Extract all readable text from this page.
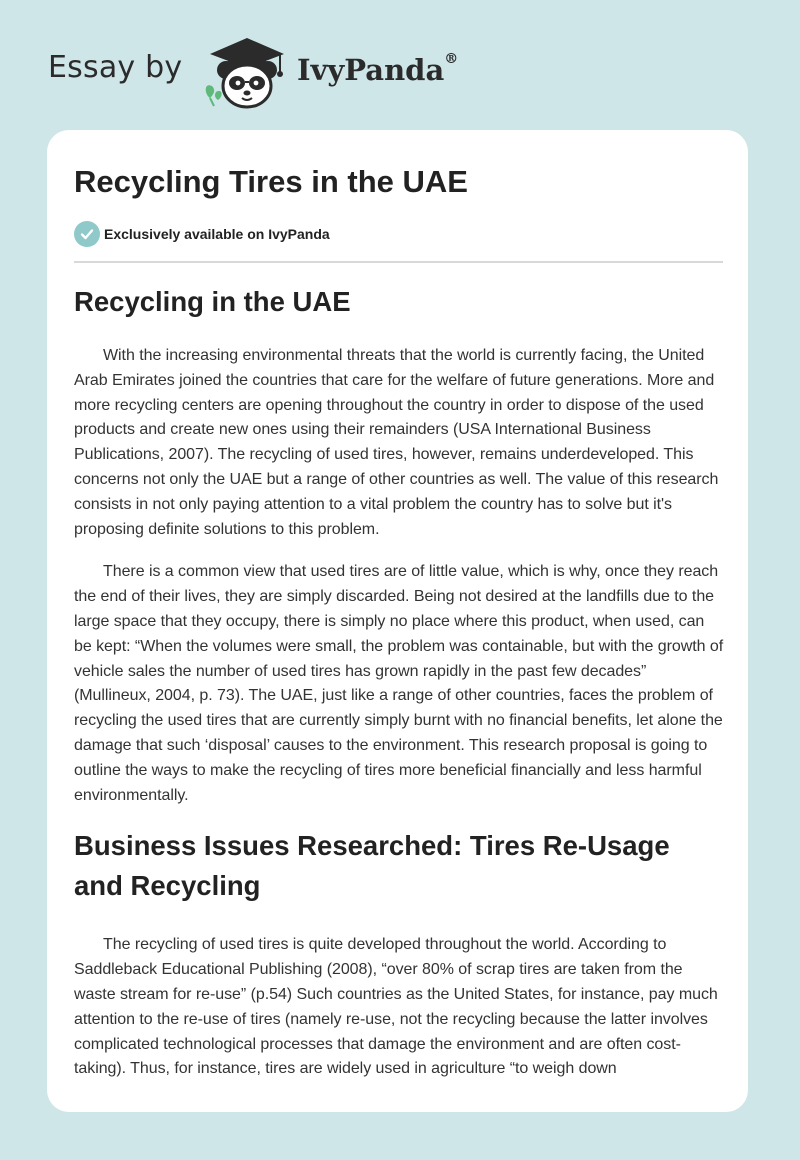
Essay by	IvyPanda®
Recycling Tires in the UAE
Exclusively available on IvyPanda
Recycling in the UAE

With the increasing environmental threats that the world is currently facing, the United Arab Emirates joined the countries that care for the welfare of future generations. More and more recycling centers are opening throughout the country in order to dispose of the used products and create new ones using their remainders (USA International Business Publications, 2007). The recycling of used tires, however, remains underdeveloped. This concerns not only the UAE but a range of other countries as well. The value of this research consists in not only paying attention to a vital problem the country has to solve but it's proposing definite solutions to this problem.

There is a common view that used tires are of little value, which is why, once they reach the end of their lives, they are simply discarded. Being not desired at the landfills due to the large space that they occupy, there is simply no place where this product, when used, can be kept: “When the volumes were small, the problem was containable, but with the growth of vehicle sales the number of used tires has grown rapidly in the past few decades” (Mullineux, 2004, p. 73). The UAE, just like a range of other countries, faces the problem of recycling the used tires that are currently simply burnt with no financial benefits, let alone the damage that such ‘disposal’ causes to the environment. This research proposal is going to outline the ways to make the recycling of tires more beneficial financially and less harmful environmentally.

Business Issues Researched: Tires Re-Usage and Recycling

The recycling of used tires is quite developed throughout the world. According to Saddleback Educational Publishing (2008), “over 80% of scrap tires are taken from the waste stream for re-use” (p.54) Such countries as the United States, for instance, pay much attention to the re-use of tires (namely re-use, not the recycling because the latter involves complicated technological processes that damage the environment and are often cost-taking). Thus, for instance, tires are widely used in agriculture “to weigh down
